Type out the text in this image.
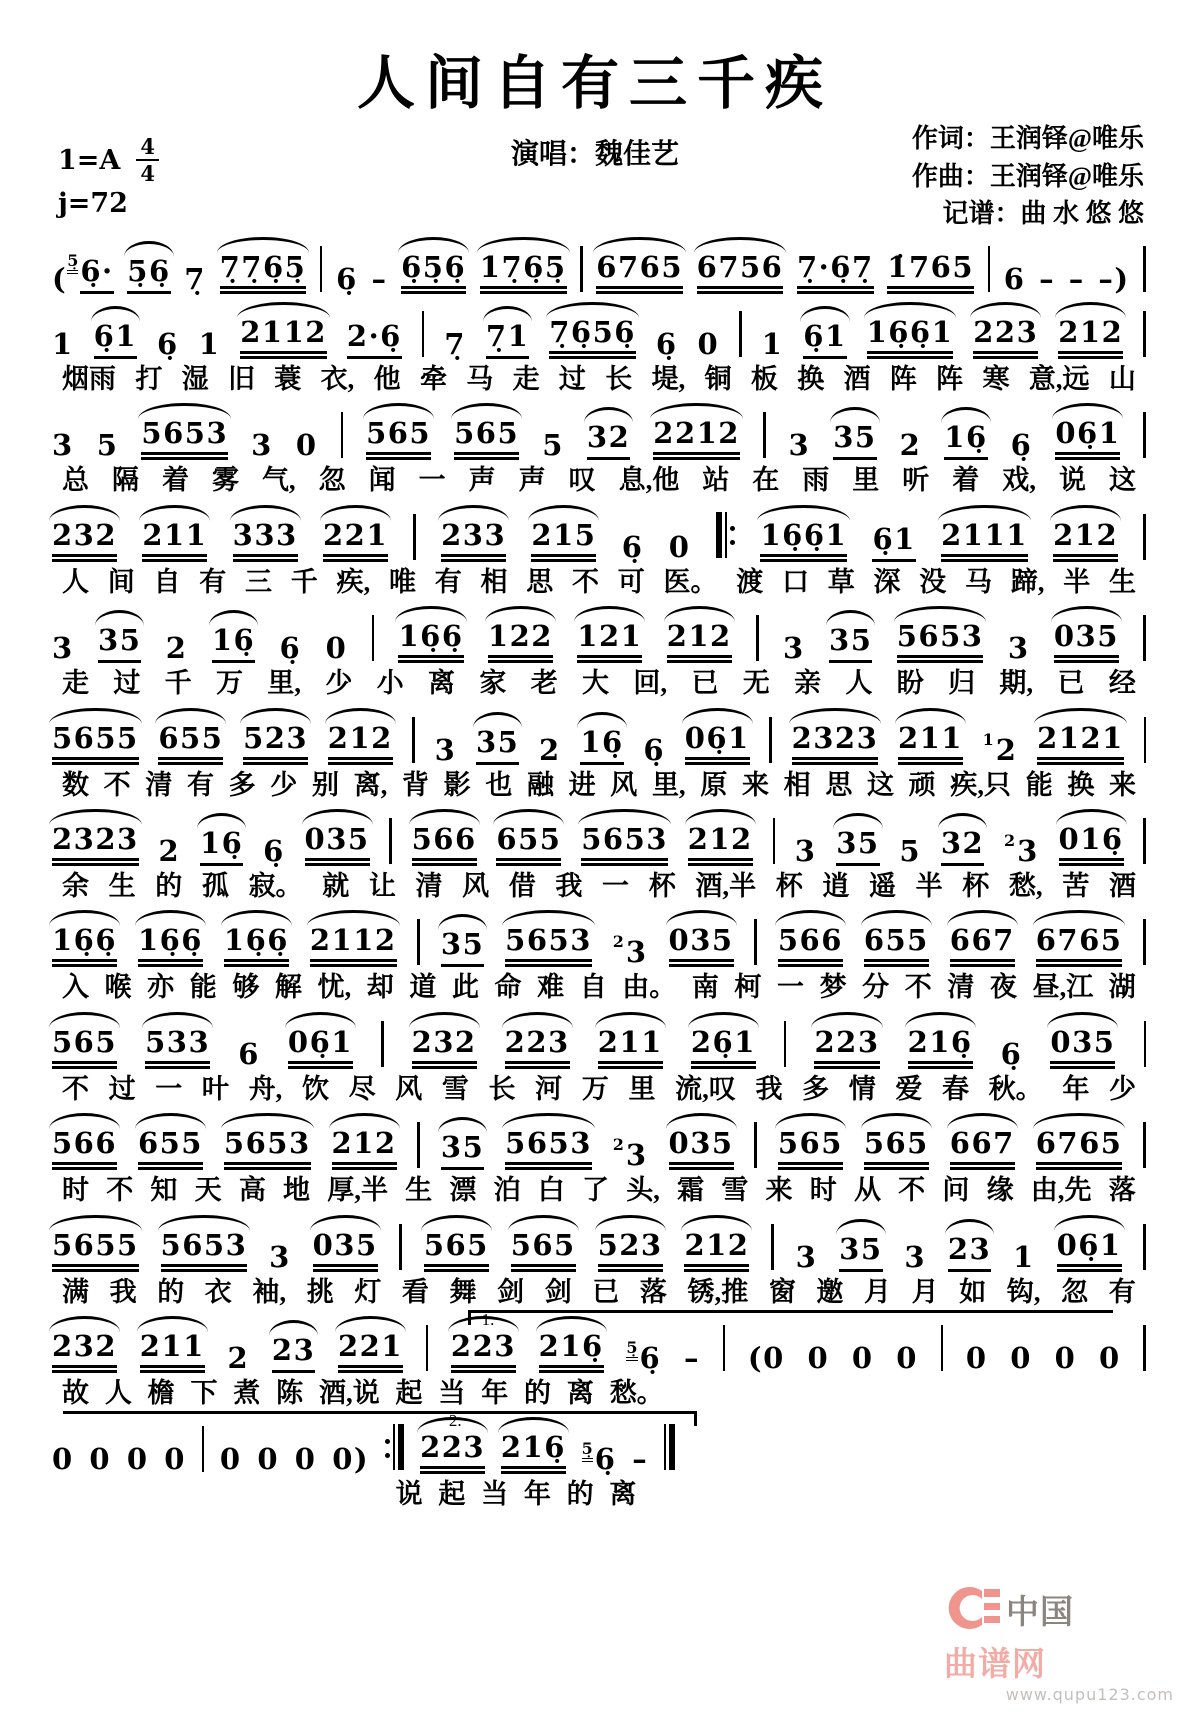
人间自有三千疾
$1=A \frac{4}{4}$
j=72
演唱：魏佳艺
作词：王润铎@唯乐
作曲：王润铎@唯乐
记谱：曲 水 悠 悠
(
5̣ 6̣· 5̣6̣ 7̣ 7̣7̣6̣5̣ 6̣ – 6̣5̣6̣ 17̣6̣5̣ 6765 6756 7̣·6̣7̣ 1̇765 6 – – –)
1 6̣1 6̣ 1 2112 2·6̣ 7̣ 7̣1 7̣6̣56̣ 6̣ 0 1 6̣1 16̣6̣1 223 212
烟雨 打 湿 旧 蓑 衣, 他 牵 马 走 过 长 堤, 铜 板 换 酒 阵 阵 寒 意,远 山
3 5 5653 3 0 565 565 5 32 2212 3 35 2 16̣ 6̣ 06̣1
总 隔 着 雾 气, 忽 闻 一 声 声 叹 息,他 站 在 雨 里 听 着 戏, 说 这
232 211 333 221 233 215 6̣ 0 16̣6̣1 6̣1 2111 212
人 间 自 有 三 千 疾, 唯 有 相 思 不 可 医。 渡 口 草 深 没 马 蹄, 半 生
3 35 2 16̣ 6̣ 0 16̣6̣ 122 121 212 3 35 5653 3 035
走 过 千 万 里, 少 小 离 家 老 大 回, 已 无 亲 人 盼 归 期, 已 经
5655 655 523 212 3 35 2 16̣ 6̣ 06̣1 2323 211 1 2 2121
数 不 清 有 多 少 别 离, 背 影 也 融 进 风 里, 原 来 相 思 这 顽 疾,只 能 换 来
2323 2 16̣ 6̣ 035 566 655 5653 212 3 35 5 32 2 3 016̣
余 生 的 孤 寂。 就 让 清 风 借 我 一 杯 酒,半 杯 逍 遥 半 杯 愁, 苦 酒
16̣6̣ 16̣6̣ 16̣6̣ 2112 35 5653 2 3 035 566 655 667 6765
入 喉 亦 能 够 解 忧, 却 道 此 命 难 自 由。 南 柯 一 梦 分 不 清 夜 昼,江 湖
565 533 6 06̣1 232 223 211 26̣1 223 216̣ 6̣ 035
不 过 一 叶 舟, 饮 尽 风 雪 长 河 万 里 流,叹 我 多 情 爱 春 秋。 年 少
566 655 5653 212 35 5653 2 3 035 565 565 667 6765
时 不 知 天 高 地 厚,半 生 漂 泊 白 了 头, 霜 雪 来 时 从 不 问 缘 由,先 落
5655 5653 3 035 565 565 523 212 3 35 3 23 1 06̣1
满 我 的 衣 袖, 挑 灯 看 舞 剑 剑 已 落 锈,推 窗 邀 月 月 如 钩, 忽 有
1.
232 211 2 23 221 223 216̣ 5̣ 6̣ – ( 0 0 0 0 0 0 0 0
故 人 檐 下 煮 陈 酒,说 起 当 年 的 离 愁。
2.
0 0 0 0 0 0 0 0) 223 216̣ 5̣ 6̣ –
说 起 当 年 的 离
中国
曲谱网
www.qupu123.com
